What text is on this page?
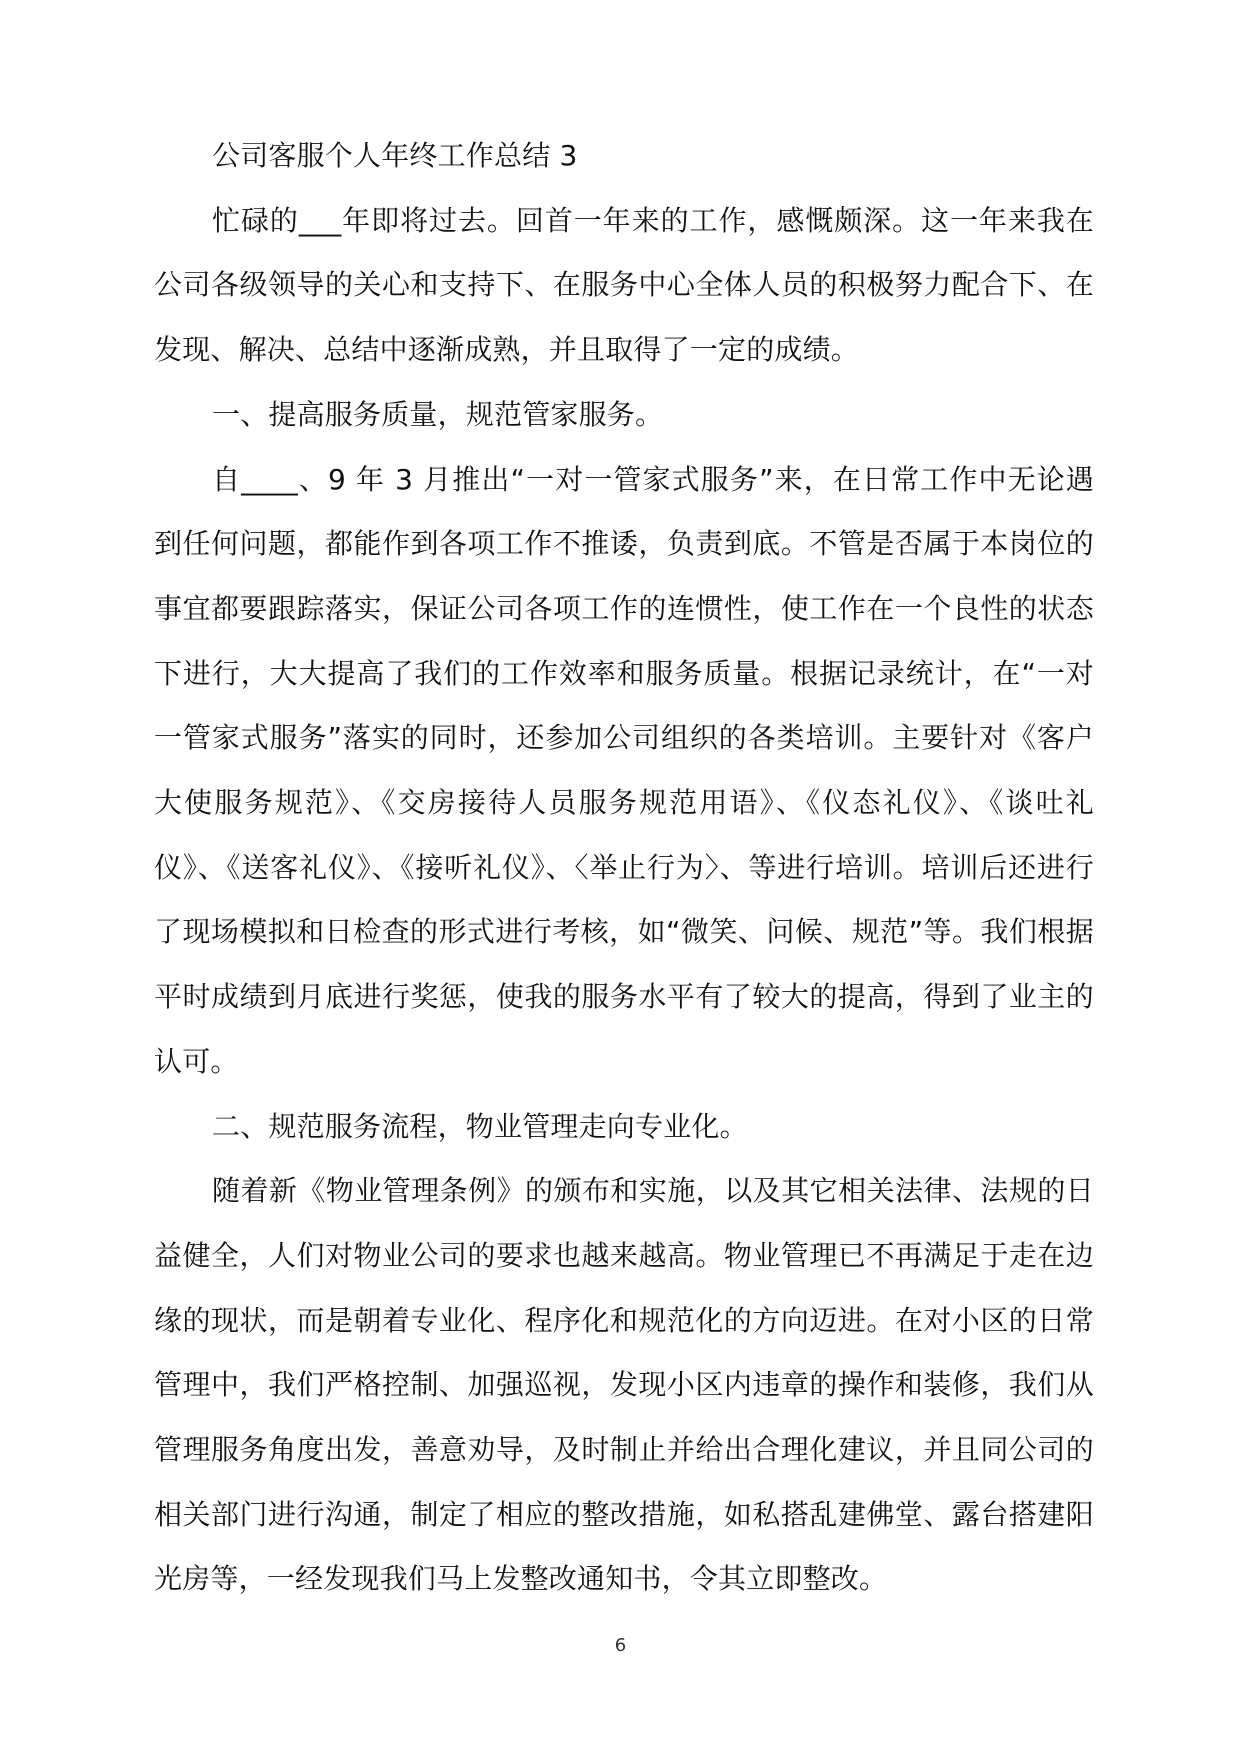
公司客服个人年终工作总结 3

忙碌的___年即将过去。回首一年来的工作，感慨颇深。这一年来我在公司各级领导的关心和支持下、在服务中心全体人员的积极努力配合下、在发现、解决、总结中逐渐成熟，并且取得了一定的成绩。

一、提高服务质量，规范管家服务。

自____、9 年 3 月推出“一对一管家式服务”来，在日常工作中无论遇到任何问题，都能作到各项工作不推诿，负责到底。不管是否属于本岗位的事宜都要跟踪落实，保证公司各项工作的连惯性，使工作在一个良性的状态下进行，大大提高了我们的工作效率和服务质量。根据记录统计，在“一对一管家式服务”落实的同时，还参加公司组织的各类培训。主要针对《客户大使服务规范》、《交房接待人员服务规范用语》、《仪态礼仪》、《谈吐礼仪》、《送客礼仪》、《接听礼仪》、〈举止行为〉、等进行培训。培训后还进行了现场模拟和日检查的形式进行考核，如“微笑、问候、规范”等。我们根据平时成绩到月底进行奖惩，使我的服务水平有了较大的提高，得到了业主的认可。

二、规范服务流程，物业管理走向专业化。

随着新《物业管理条例》的颁布和实施，以及其它相关法律、法规的日益健全，人们对物业公司的要求也越来越高。物业管理已不再满足于走在边缘的现状，而是朝着专业化、程序化和规范化的方向迈进。在对小区的日常管理中，我们严格控制、加强巡视，发现小区内违章的操作和装修，我们从管理服务角度出发，善意劝导，及时制止并给出合理化建议，并且同公司的相关部门进行沟通，制定了相应的整改措施，如私搭乱建佛堂、露台搭建阳光房等，一经发现我们马上发整改通知书，令其立即整改。

6
